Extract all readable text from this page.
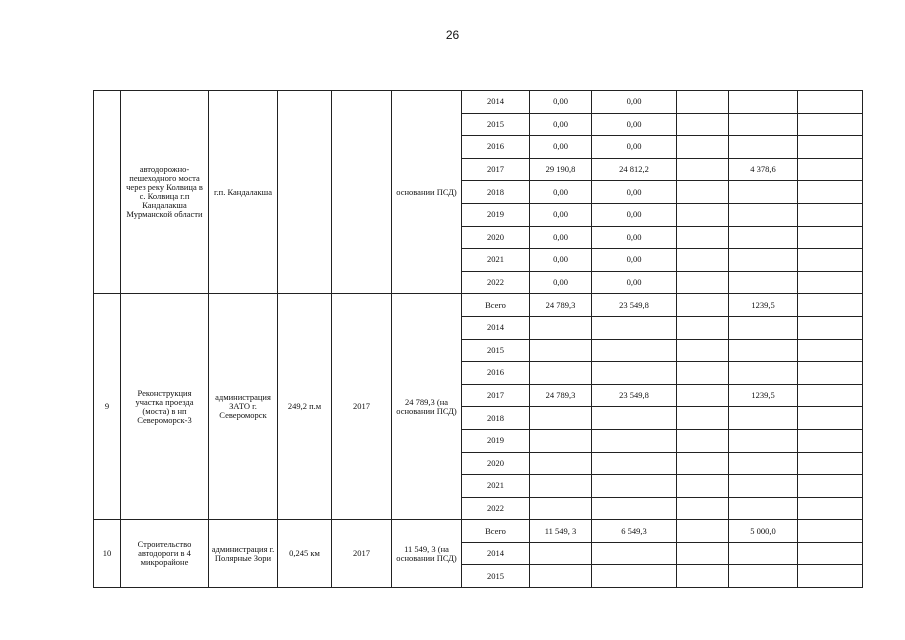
26
	автодорожно-пешеходного моста через реку Колвица в с. Колвица г.п Кандалакша Мурманской области	г.п. Кандалакша			основании ПСД)	2014	0,00	0,00			
						2015	0,00	0,00			
						2016	0,00	0,00			
						2017	29 190,8	24 812,2		4 378,6	
						2018	0,00	0,00			
						2019	0,00	0,00			
						2020	0,00	0,00			
						2021	0,00	0,00			
						2022	0,00	0,00			
9	Реконструкция участка проезда (моста) в нп Североморск-3	администрация ЗАТО г. Североморск	249,2 п.м	2017	24 789,3 (на основании ПСД)	Всего	24 789,3	23 549,8		1239,5	
						2014					
						2015					
						2016					
						2017	24 789,3	23 549,8		1239,5	
						2018					
						2019					
						2020					
						2021					
						2022					
10	Строительство автодороги в 4 микрорайоне	администрация г. Полярные Зори	0,245 км	2017	11 549, 3 (на основании ПСД)	Всего	11 549, 3	6 549,3		5 000,0	
						2014					
						2015					
